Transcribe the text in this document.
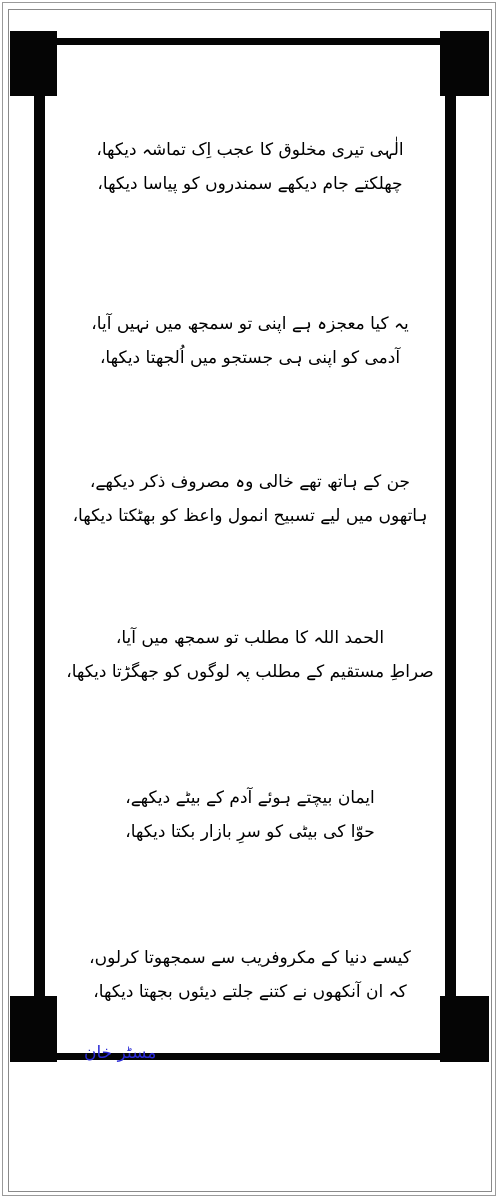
الٰہی تیری مخلوق کا عجب اِک تماشہ دیکھا،
چھلکتے جام دیکھے سمندروں کو پیاسا دیکھا،
یہ کیا معجزہ ہے اپنی تو سمجھ میں نہیں آیا،
آدمی کو اپنی ہی جستجو میں اُلجھتا دیکھا،
جن کے ہاتھ تھے خالی وہ مصروف ذکر دیکھے،
ہاتھوں میں لیے تسبیح انمول واعظ کو بھٹکتا دیکھا،
الحمد اللہ کا مطلب تو سمجھ میں آیا،
صراطِ مستقیم کے مطلب پہ لوگوں کو جھگڑتا دیکھا،
ایمان بیچتے ہوئے آدم کے بیٹے دیکھے،
حوّا کی بیٹی کو سرِ بازار بکتا دیکھا،
کیسے دنیا کے مکروفریب سے سمجھوتا کرلوں،
کہ ان آنکھوں نے کتنے جلتے دیئوں بجھتا دیکھا،
مسٹر خان
